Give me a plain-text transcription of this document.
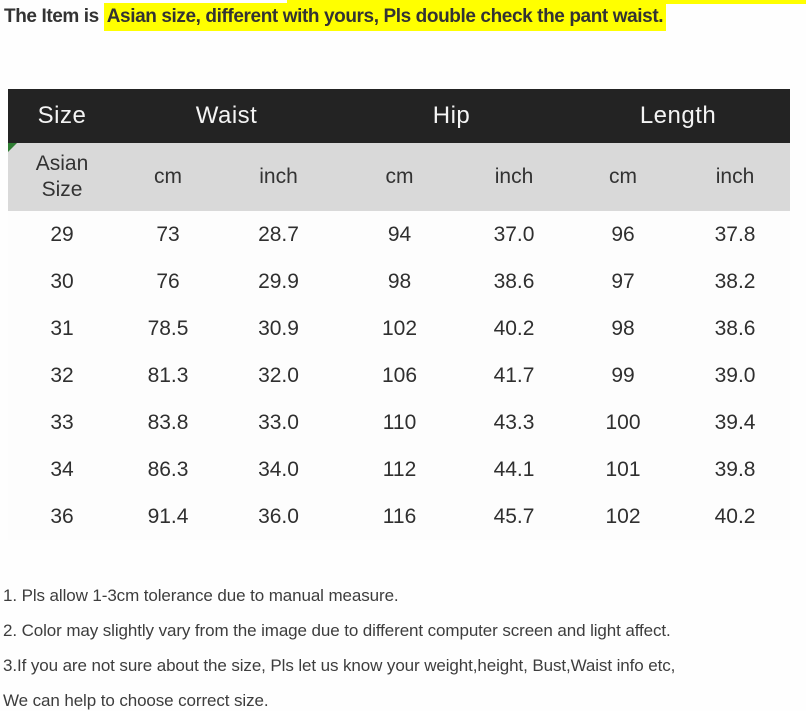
The Item is Asian size, different with yours, Pls double check the pant waist.
Size	Waist		Hip		Length	

Asian Size	cm	inch	cm	inch	cm	inch
29	73	28.7	94	37.0	96	37.8
30	76	29.9	98	38.6	97	38.2
31	78.5	30.9	102	40.2	98	38.6
32	81.3	32.0	106	41.7	99	39.0
33	83.8	33.0	110	43.3	100	39.4
34	86.3	34.0	112	44.1	101	39.8
36	91.4	36.0	116	45.7	102	40.2
1. Pls allow 1-3cm tolerance due to manual measure.
2. Color may slightly vary from the image due to different computer screen and light affect.
3.If you are not sure about the size, Pls let us know your weight,height, Bust,Waist info etc,
We can help to choose correct size.
